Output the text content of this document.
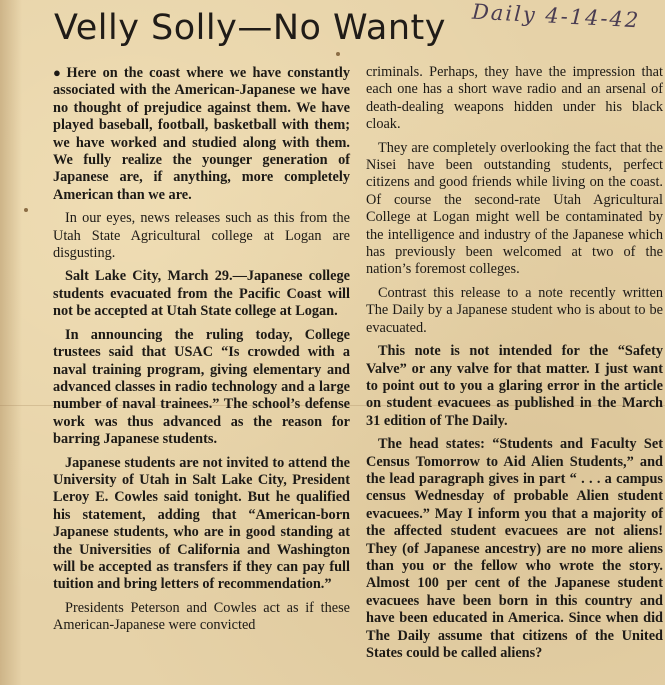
Velly Solly—No Wanty Daily 4-14-42

● Here on the coast where we have constantly associated with the American-Japanese we have no thought of prejudice against them. We have played baseball, football, basketball with them; we have worked and studied along with them. We fully realize the younger generation of Japanese are, if anything, more completely American than we are.

In our eyes, news releases such as this from the Utah State Agricultural college at Logan are disgusting.

Salt Lake City, March 29.—Japanese college students evacuated from the Pacific Coast will not be accepted at Utah State college at Logan.

In announcing the ruling today, College trustees said that USAC “Is crowded with a naval training program, giving elementary and advanced classes in radio technology and a large number of naval trainees.” The school’s defense work was thus advanced as the reason for barring Japanese students.

Japanese students are not invited to attend the University of Utah in Salt Lake City, President Leroy E. Cowles said tonight. But he qualified his statement, adding that “American-born Japanese students, who are in good standing at the Universities of California and Washington will be accepted as transfers if they can pay full tuition and bring letters of recommendation.”

Presidents Peterson and Cowles act as if these American-Japanese were convicted

criminals. Perhaps, they have the impression that each one has a short wave radio and an arsenal of death-dealing weapons hidden under his black cloak.

They are completely overlooking the fact that the Nisei have been outstanding students, perfect citizens and good friends while living on the coast. Of course the second-rate Utah Agricultural College at Logan might well be contaminated by the intelligence and industry of the Japanese which has previously been welcomed at two of the nation’s foremost colleges.

Contrast this release to a note recently written The Daily by a Japanese student who is about to be evacuated.

This note is not intended for the “Safety Valve” or any valve for that matter. I just want to point out to you a glaring error in the article on student evacuees as published in the March 31 edition of The Daily.

The head states: “Students and Faculty Set Census Tomorrow to Aid Alien Students,” and the lead paragraph gives in part “ . . . a campus census Wednesday of probable Alien student evacuees.” May I inform you that a majority of the affected student evacuees are not aliens! They (of Japanese ancestry) are no more aliens than you or the fellow who wrote the story. Almost 100 per cent of the Japanese student evacuees have been born in this country and have been educated in America. Since when did The Daily assume that citizens of the United States could be called aliens?
